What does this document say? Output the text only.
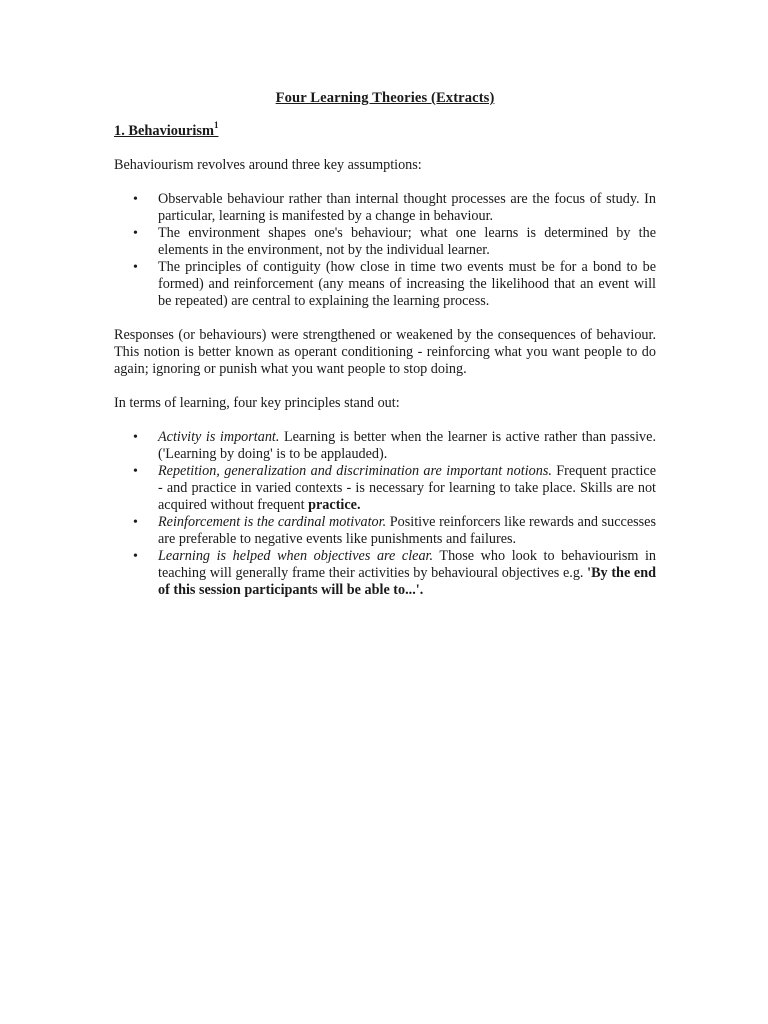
Four Learning Theories (Extracts)
1. Behaviourism$^1$

Behaviourism revolves around three key assumptions:

• Observable behaviour rather than internal thought processes are the focus of study. In particular, learning is manifested by a change in behaviour.
• The environment shapes one's behaviour; what one learns is determined by the elements in the environment, not by the individual learner.
• The principles of contiguity (how close in time two events must be for a bond to be formed) and reinforcement (any means of increasing the likelihood that an event will be repeated) are central to explaining the learning process.

Responses (or behaviours) were strengthened or weakened by the consequences of behaviour. This notion is better known as operant conditioning - reinforcing what you want people to do again; ignoring or punish what you want people to stop doing.

In terms of learning, four key principles stand out:

• Activity is important. Learning is better when the learner is active rather than passive. ('Learning by doing' is to be applauded).
• Repetition, generalization and discrimination are important notions. Frequent practice - and practice in varied contexts - is necessary for learning to take place. Skills are not acquired without frequent practice.
• Reinforcement is the cardinal motivator. Positive reinforcers like rewards and successes are preferable to negative events like punishments and failures.
• Learning is helped when objectives are clear. Those who look to behaviourism in teaching will generally frame their activities by behavioural objectives e.g. 'By the end of this session participants will be able to...'.
